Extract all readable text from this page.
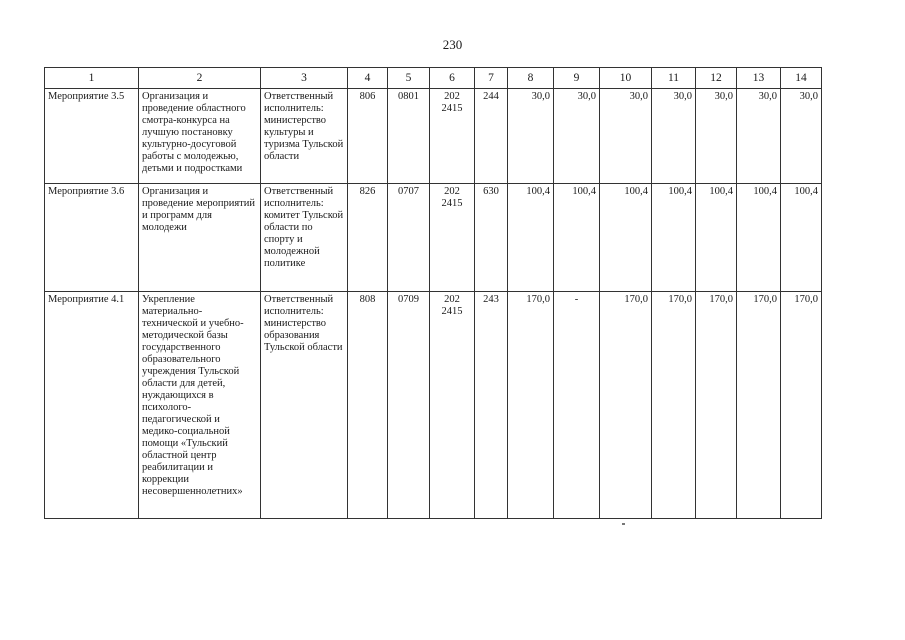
230
1	2	3	4	5	6	7	8	9	10	11	12	13	14
Мероприятие 3.5	Организация и проведение областного смотра-конкурса на лучшую постановку культурно-досуговой работы с молодежью, детьми и подростками	Ответственный исполнитель: министерство культуры и туризма Тульской области	806	0801	202 2415	244	30,0	30,0	30,0	30,0	30,0	30,0	30,0
Мероприятие 3.6	Организация и проведение мероприятий и программ для молодежи	Ответственный исполнитель: комитет Тульской области по спорту и молодежной политике	826	0707	202 2415	630	100,4	100,4	100,4	100,4	100,4	100,4	100,4
Мероприятие 4.1	Укрепление материально-технической и учебно-методической базы государственного образовательного учреждения Тульской области для детей, нуждающихся в психолого-педагогической и медико-социальной помощи «Тульский областной центр реабилитации и коррекции несовершеннолетних»	Ответственный исполнитель: министерство образования Тульской области	808	0709	202 2415	243	170,0	-	170,0	170,0	170,0	170,0	170,0
